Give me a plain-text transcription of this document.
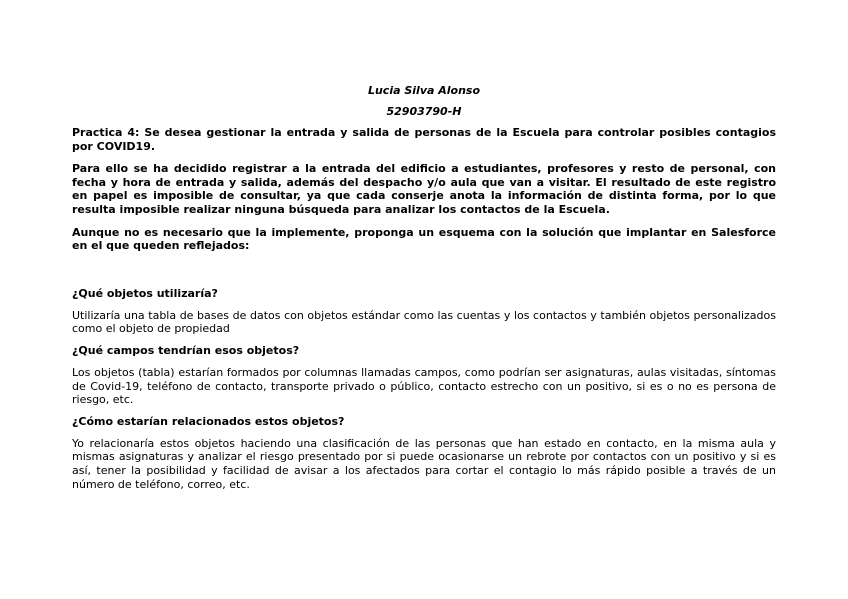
Lucia Silva Alonso
52903790-H

Practica 4: Se desea gestionar la entrada y salida de personas de la Escuela para controlar posibles contagios por COVID19.

Para ello se ha decidido registrar a la entrada del edificio a estudiantes, profesores y resto de personal, con fecha y hora de entrada y salida, además del despacho y/o aula que van a visitar. El resultado de este registro en papel es imposible de consultar, ya que cada conserje anota la información de distinta forma, por lo que resulta imposible realizar ninguna búsqueda para analizar los contactos de la Escuela.

Aunque no es necesario que la implemente, proponga un esquema con la solución que implantar en Salesforce en el que queden reflejados:

¿Qué objetos utilizaría?

Utilizaría una tabla de bases de datos con objetos estándar como las cuentas y los contactos y también objetos personalizados como el objeto de propiedad

¿Qué campos tendrían esos objetos?

Los objetos (tabla) estarían formados por columnas llamadas campos, como podrían ser asignaturas, aulas visitadas, síntomas de Covid-19, teléfono de contacto, transporte privado o público, contacto estrecho con un positivo, si es o no es persona de riesgo, etc.

¿Cómo estarían relacionados estos objetos?

Yo relacionaría estos objetos haciendo una clasificación de las personas que han estado en contacto, en la misma aula y mismas asignaturas y analizar el riesgo presentado por si puede ocasionarse un rebrote por contactos con un positivo y si es así, tener la posibilidad y facilidad de avisar a los afectados para cortar el contagio lo más rápido posible a través de un número de teléfono, correo, etc.
